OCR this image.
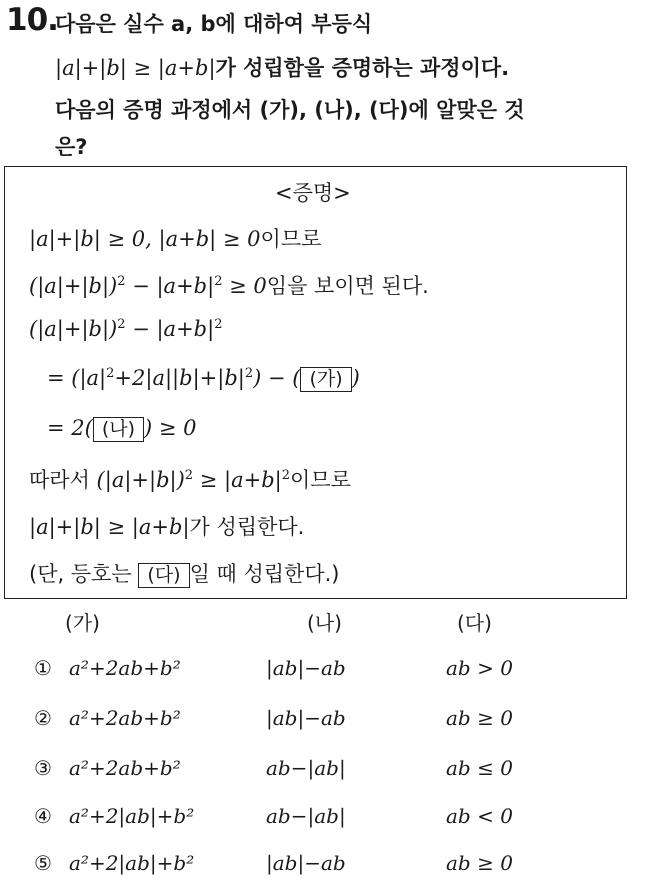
10.
다음은 실수 a, b에 대하여 부등식
|a|+|b| ≥ |a+b|가 성립함을 증명하는 과정이다.
다음의 증명 과정에서 (가), (나), (다)에 알맞은 것
은?
<증명>
|a|+|b| ≥ 0, |a+b| ≥ 0이므로
$(|a|+|b|)^2 - |a+b|^2 \ge 0$임을 보이면 된다.
$(|a|+|b|)^2 - |a+b|^2$
= $(|a|^2+2|a||b|+|b|^2)$ − ( (가) )
= 2( (나) ) ≥ 0
따라서 $(|a|+|b|)^2 \ge |a+b|^2$이므로
|a|+|b| ≥ |a+b|가 성립한다.
(단, 등호는 (다) 일 때 성립한다.)
(가)	(나)	(다)
① a²+2ab+b²	|ab|−ab	ab > 0
② a²+2ab+b²	|ab|−ab	ab ≥ 0
③ a²+2ab+b²	ab−|ab|	ab ≤ 0
④ a²+2|ab|+b²	ab−|ab|	ab < 0
⑤ a²+2|ab|+b²	|ab|−ab	ab ≥ 0
